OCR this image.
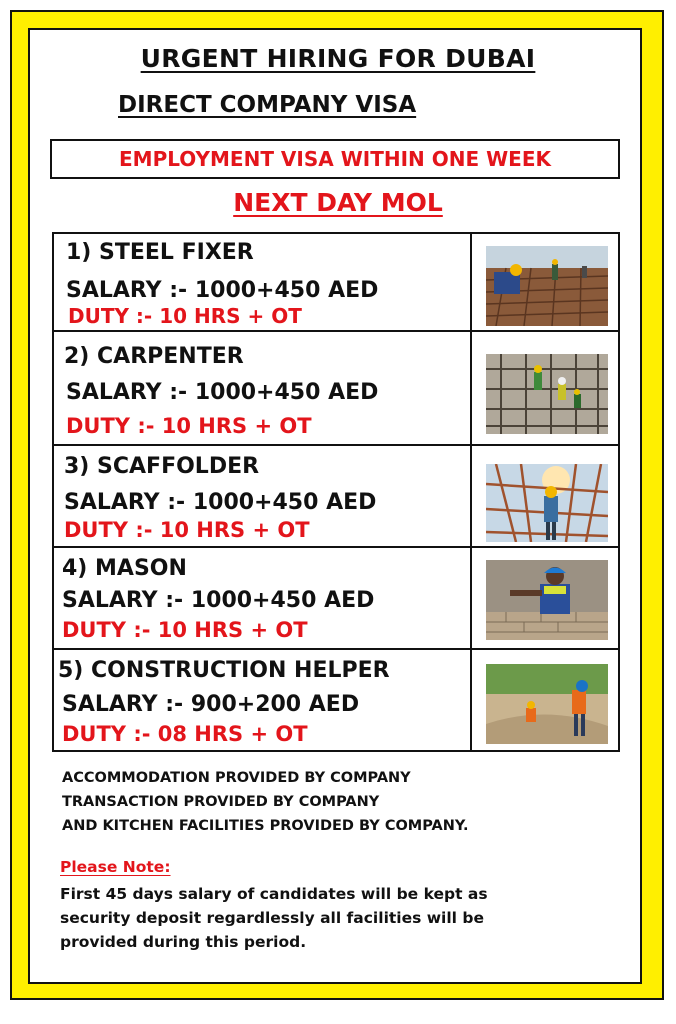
URGENT HIRING FOR DUBAI
DIRECT COMPANY VISA
EMPLOYMENT VISA WITHIN ONE WEEK
NEXT DAY MOL
1) STEEL FIXER
SALARY :- 1000+450 AED
DUTY :- 10 HRS + OT
2) CARPENTER
SALARY :- 1000+450 AED
DUTY :- 10 HRS + OT
3) SCAFFOLDER
SALARY :- 1000+450 AED
DUTY :- 10 HRS + OT
4) MASON
SALARY :- 1000+450 AED
DUTY :- 10 HRS + OT
5) CONSTRUCTION HELPER
SALARY :- 900+200 AED
DUTY :- 08 HRS + OT
ACCOMMODATION PROVIDED BY COMPANY
TRANSACTION PROVIDED BY COMPANY
AND KITCHEN FACILITIES PROVIDED BY COMPANY.
Please Note:
First 45 days salary of candidates will be kept as
security deposit regardlessly all facilities will be
provided during this period.
